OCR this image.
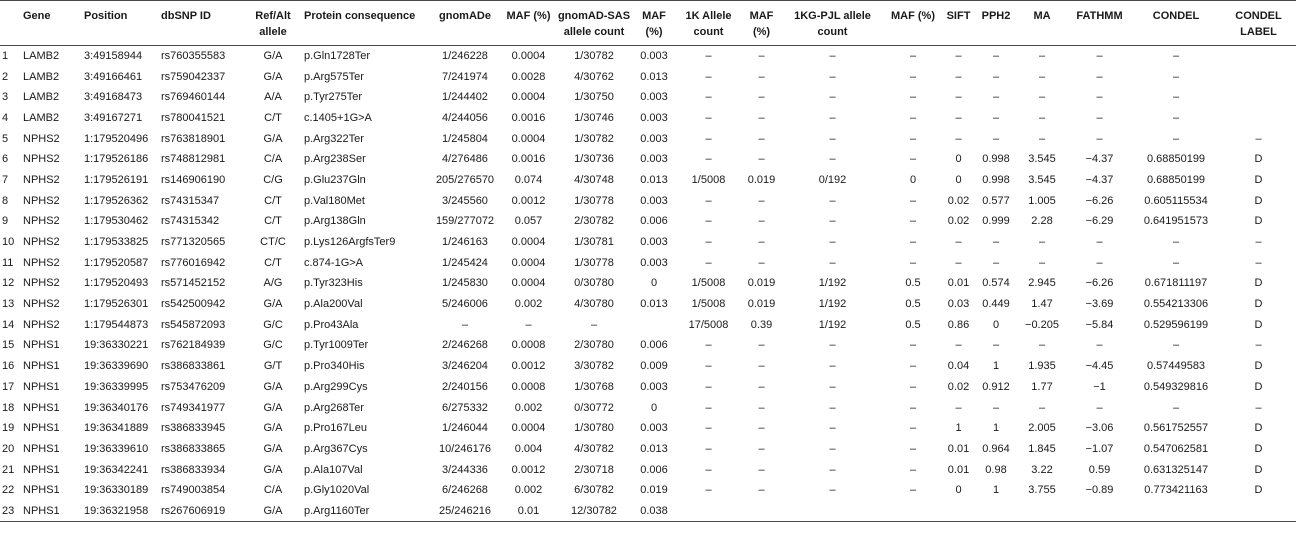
	Gene	Position	dbSNP ID	Ref/Alt allele	Protein consequence	gnomADe	MAF (%)	gnomAD-SAS allele count	MAF (%)	1K Allele count	MAF (%)	1KG-PJL allele count	MAF (%)	SIFT	PPH2	MA	FATHMM	CONDEL	CONDEL LABEL
1	LAMB2	3:49158944	rs760355583	G/A	p.Gln1728Ter	1/246228	0.0004	1/30782	0.003	–	–	–	–	–	–	–	–	–	
2	LAMB2	3:49166461	rs759042337	G/A	p.Arg575Ter	7/241974	0.0028	4/30762	0.013	–	–	–	–	–	–	–	–	–	
3	LAMB2	3:49168473	rs769460144	A/A	p.Tyr275Ter	1/244402	0.0004	1/30750	0.003	–	–	–	–	–	–	–	–	–	
4	LAMB2	3:49167271	rs780041521	C/T	c.1405+1G>A	4/244056	0.0016	1/30746	0.003	–	–	–	–	–	–	–	–	–	
5	NPHS2	1:179520496	rs763818901	G/A	p.Arg322Ter	1/245804	0.0004	1/30782	0.003	–	–	–	–	–	–	–	–	–	–
6	NPHS2	1:179526186	rs748812981	C/A	p.Arg238Ser	4/276486	0.0016	1/30736	0.003	–	–	–	–	0	0.998	3.545	−4.37	0.68850199	D
7	NPHS2	1:179526191	rs146906190	C/G	p.Glu237Gln	205/276570	0.074	4/30748	0.013	1/5008	0.019	0/192	0	0	0.998	3.545	−4.37	0.68850199	D
8	NPHS2	1:179526362	rs74315347	C/T	p.Val180Met	3/245560	0.0012	1/30778	0.003	–	–	–	–	0.02	0.577	1.005	−6.26	0.605115534	D
9	NPHS2	1:179530462	rs74315342	C/T	p.Arg138Gln	159/277072	0.057	2/30782	0.006	–	–	–	–	0.02	0.999	2.28	−6.29	0.641951573	D
10	NPHS2	1:179533825	rs771320565	CT/C	p.Lys126ArgfsTer9	1/246163	0.0004	1/30781	0.003	–	–	–	–	–	–	–	–	–	–
11	NPHS2	1:179520587	rs776016942	C/T	c.874-1G>A	1/245424	0.0004	1/30778	0.003	–	–	–	–	–	–	–	–	–	–
12	NPHS2	1:179520493	rs571452152	A/G	p.Tyr323His	1/245830	0.0004	0/30780	0	1/5008	0.019	1/192	0.5	0.01	0.574	2.945	−6.26	0.671811197	D
13	NPHS2	1:179526301	rs542500942	G/A	p.Ala200Val	5/246006	0.002	4/30780	0.013	1/5008	0.019	1/192	0.5	0.03	0.449	1.47	−3.69	0.554213306	D
14	NPHS2	1:179544873	rs545872093	G/C	p.Pro43Ala	–	–	–		17/5008	0.39	1/192	0.5	0.86	0	−0.205	−5.84	0.529596199	D
15	NPHS1	19:36330221	rs762184939	G/C	p.Tyr1009Ter	2/246268	0.0008	2/30780	0.006	–	–	–	–	–	–	–	–	–	–
16	NPHS1	19:36339690	rs386833861	G/T	p.Pro340His	3/246204	0.0012	3/30782	0.009	–	–	–	–	0.04	1	1.935	−4.45	0.57449583	D
17	NPHS1	19:36339995	rs753476209	G/A	p.Arg299Cys	2/240156	0.0008	1/30768	0.003	–	–	–	–	0.02	0.912	1.77	−1	0.549329816	D
18	NPHS1	19:36340176	rs749341977	G/A	p.Arg268Ter	6/275332	0.002	0/30772	0	–	–	–	–	–	–	–	–	–	–
19	NPHS1	19:36341889	rs386833945	G/A	p.Pro167Leu	1/246044	0.0004	1/30780	0.003	–	–	–	–	1	1	2.005	−3.06	0.561752557	D
20	NPHS1	19:36339610	rs386833865	G/A	p.Arg367Cys	10/246176	0.004	4/30782	0.013	–	–	–	–	0.01	0.964	1.845	−1.07	0.547062581	D
21	NPHS1	19:36342241	rs386833934	G/A	p.Ala107Val	3/244336	0.0012	2/30718	0.006	–	–	–	–	0.01	0.98	3.22	0.59	0.631325147	D
22	NPHS1	19:36330189	rs749003854	C/A	p.Gly1020Val	6/246268	0.002	6/30782	0.019	–	–	–	–	0	1	3.755	−0.89	0.773421163	D
23	NPHS1	19:36321958	rs267606919	G/A	p.Arg1160Ter	25/246216	0.01	12/30782	0.038										
